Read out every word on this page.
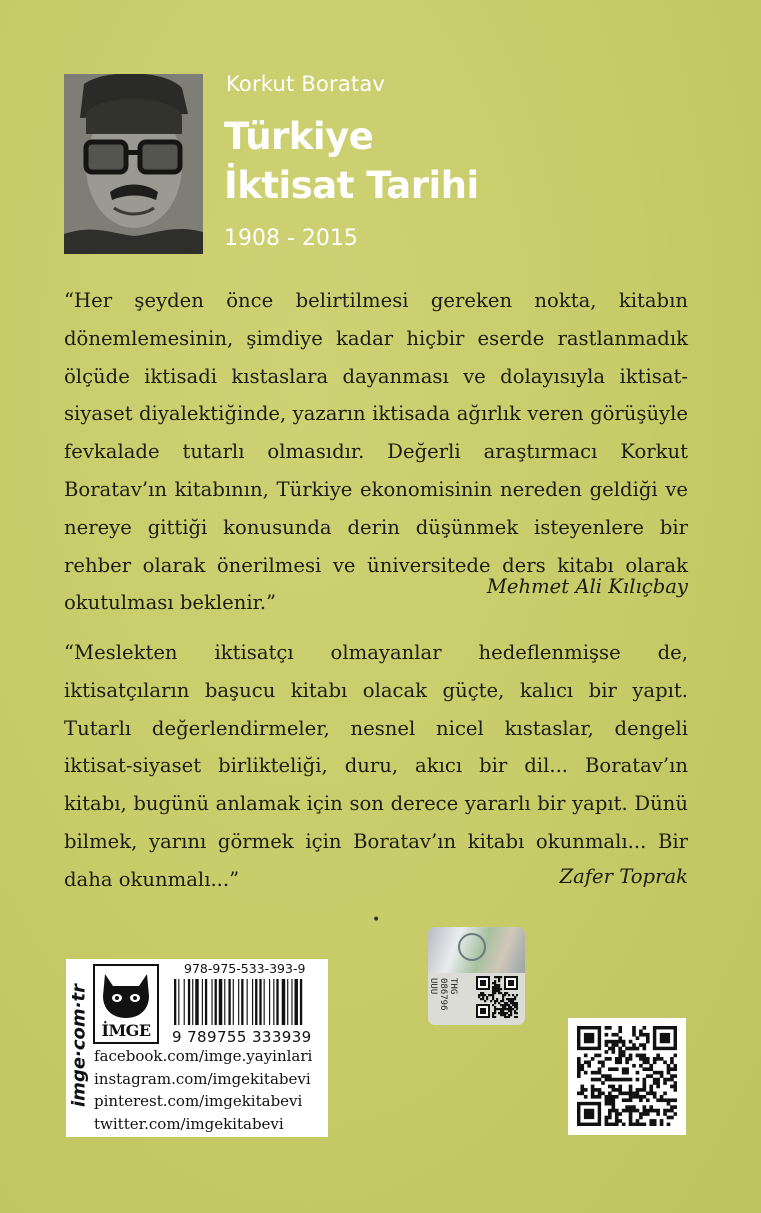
Korkut Boratav
Türkiye
İktisat Tarihi
1908 - 2015
“Her şeyden önce belirtilmesi gereken nokta, kitabın dönemlemesinin, şimdiye kadar hiçbir eserde rastlanmadık ölçüde iktisadi kıstaslara dayanması ve dolayısıyla iktisat-siyaset diyalektiğinde, yazarın iktisada ağırlık veren görüşüyle fevkalade tutarlı olmasıdır. Değerli araştırmacı Korkut Boratav’ın kitabının, Türkiye ekonomisinin nereden geldiği ve nereye gittiği konusunda derin düşünmek isteyenlere bir rehber olarak önerilmesi ve üniversitede ders kitabı olarak okutulması beklenir.”
Mehmet Ali Kılıçbay
“Meslekten iktisatçı olmayanlar hedeflenmişse de, iktisatçıların başucu kitabı olacak güçte, kalıcı bir yapıt. Tutarlı değerlendirmeler, nesnel nicel kıstaslar, dengeli iktisat-siyaset birlikteliği, duru, akıcı bir dil... Boratav’ın kitabı, bugünü anlamak için son derece yararlı bir yapıt. Dünü bilmek, yarını görmek için Boratav’ın kitabı okunmalı... Bir daha okunmalı...”	Zafer Toprak
•
imge·com·tr İMGE
978-975-533-393-9
9 789755 333939
facebook.com/imge.yayinlari
instagram.com/imgekitabevi
pinterest.com/imgekitabevi
twitter.com/imgekitabevi
THG
086796
UUU
